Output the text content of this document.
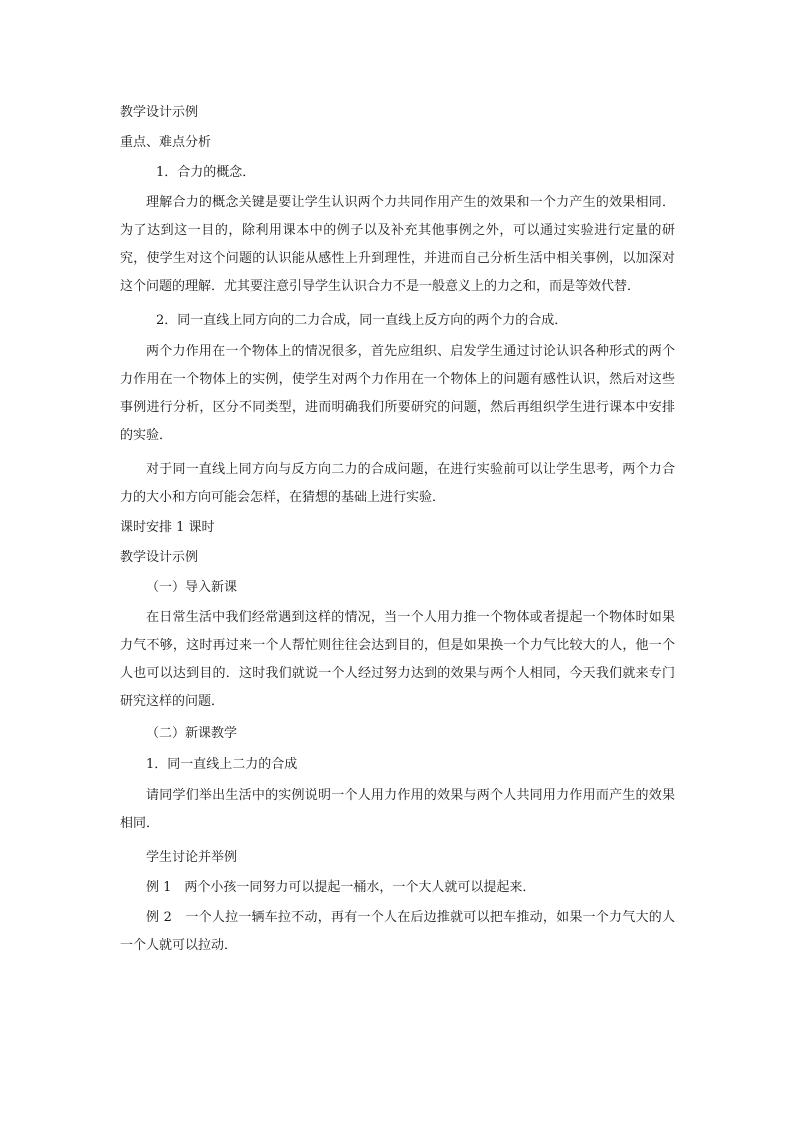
教学设计示例

重点、难点分析

1．合力的概念．

理解合力的概念关键是要让学生认识两个力共同作用产生的效果和一个力产生的效果相同．为了达到这一目的，除利用课本中的例子以及补充其他事例之外，可以通过实验进行定量的研究，使学生对这个问题的认识能从感性上升到理性，并进而自己分析生活中相关事例，以加深对这个问题的理解．尤其要注意引导学生认识合力不是一般意义上的力之和，而是等效代替．

2．同一直线上同方向的二力合成，同一直线上反方向的两个力的合成．

两个力作用在一个物体上的情况很多，首先应组织、启发学生通过讨论认识各种形式的两个力作用在一个物体上的实例，使学生对两个力作用在一个物体上的问题有感性认识，然后对这些事例进行分析，区分不同类型，进而明确我们所要研究的问题，然后再组织学生进行课本中安排的实验．

对于同一直线上同方向与反方向二力的合成问题，在进行实验前可以让学生思考，两个力合力的大小和方向可能会怎样，在猜想的基础上进行实验．

课时安排 1 课时

教学设计示例

（一）导入新课

在日常生活中我们经常遇到这样的情况，当一个人用力推一个物体或者提起一个物体时如果力气不够，这时再过来一个人帮忙则往往会达到目的，但是如果换一个力气比较大的人，他一个人也可以达到目的．这时我们就说一个人经过努力达到的效果与两个人相同，今天我们就来专门研究这样的问题．

（二）新课教学

1．同一直线上二力的合成

请同学们举出生活中的实例说明一个人用力作用的效果与两个人共同用力作用而产生的效果相同．

学生讨论并举例

例 1　两个小孩一同努力可以提起一桶水，一个大人就可以提起来．

例 2　一个人拉一辆车拉不动，再有一个人在后边推就可以把车推动，如果一个力气大的人一个人就可以拉动．
